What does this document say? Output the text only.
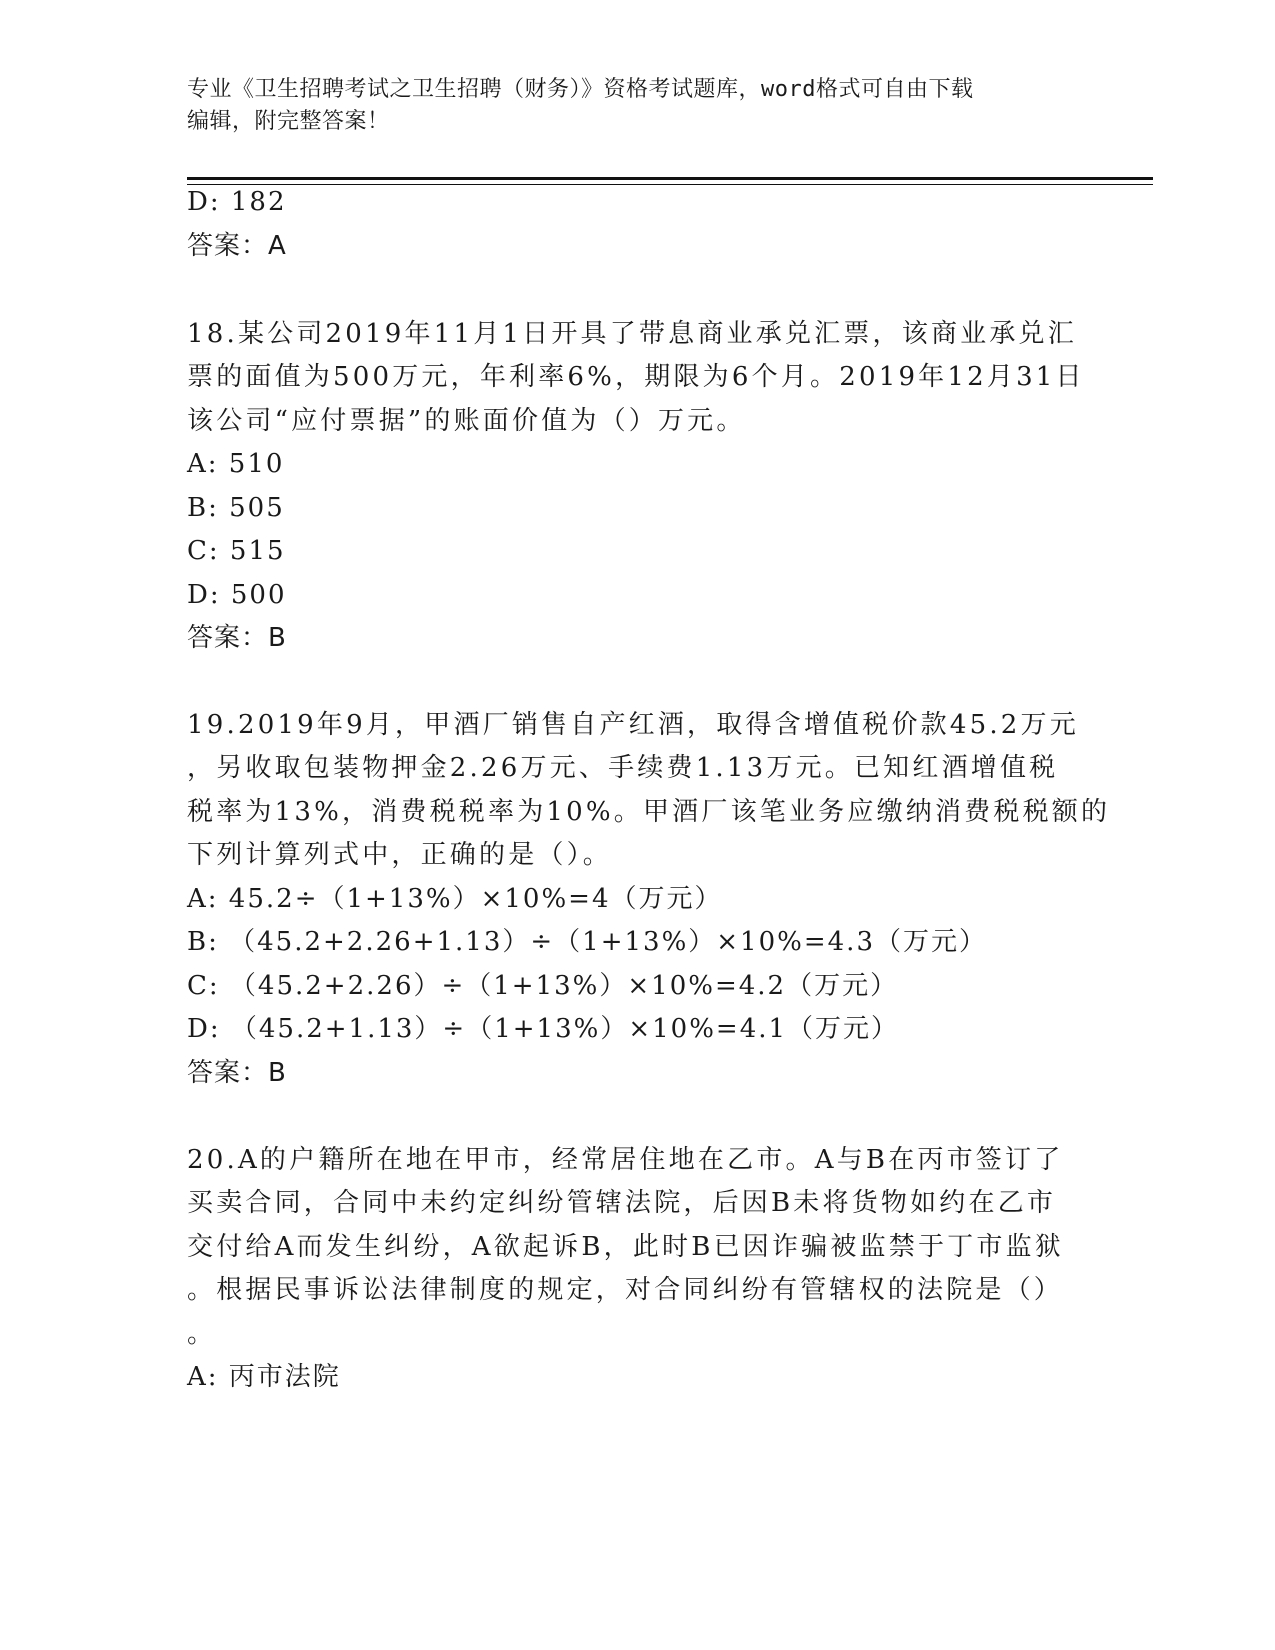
专业《卫生招聘考试之卫生招聘（财务）》资格考试题库，word格式可自由下载
编辑，附完整答案！
D: 182
答案：A
18.某公司2019年11月1日开具了带息商业承兑汇票，该商业承兑汇
票的面值为500万元，年利率6%，期限为6个月。2019年12月31日
该公司“应付票据”的账面价值为（）万元。
A: 510
B: 505
C: 515
D: 500
答案：B
19.2019年9月，甲酒厂销售自产红酒，取得含增值税价款45.2万元
，另收取包装物押金2.26万元、手续费1.13万元。已知红酒增值税
税率为13%，消费税税率为10%。甲酒厂该笔业务应缴纳消费税税额的
下列计算列式中，正确的是（）。
A: 45.2÷（1+13%）×10%=4（万元）
B: （45.2+2.26+1.13）÷（1+13%）×10%=4.3（万元）
C: （45.2+2.26）÷（1+13%）×10%=4.2（万元）
D: （45.2+1.13）÷（1+13%）×10%=4.1（万元）
答案：B
20.A的户籍所在地在甲市，经常居住地在乙市。A与B在丙市签订了
买卖合同，合同中未约定纠纷管辖法院，后因B未将货物如约在乙市
交付给A而发生纠纷，A欲起诉B，此时B已因诈骗被监禁于丁市监狱
。根据民事诉讼法律制度的规定，对合同纠纷有管辖权的法院是（）
。
A: 丙市法院
